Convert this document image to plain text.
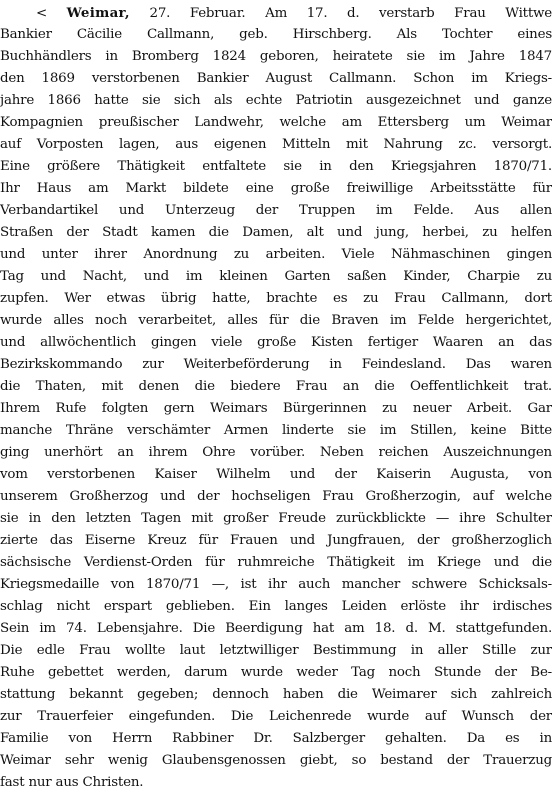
< Weimar, 27. Februar. Am 17. d. verstarb Frau Wittwe

Bankier Cäcilie Callmann, geb. Hirschberg. Als Tochter eines

Buchhändlers in Bromberg 1824 geboren, heiratete sie im Jahre 1847

den 1869 verstorbenen Bankier August Callmann. Schon im Kriegs-

jahre 1866 hatte sie sich als echte Patriotin ausgezeichnet und ganze

Kompagnien preußischer Landwehr, welche am Ettersberg um Weimar

auf Vorposten lagen, aus eigenen Mitteln mit Nahrung zc. versorgt.

Eine größere Thätigkeit entfaltete sie in den Kriegsjahren 1870/71.

Ihr Haus am Markt bildete eine große freiwillige Arbeitsstätte für

Verbandartikel und Unterzeug der Truppen im Felde. Aus allen

Straßen der Stadt kamen die Damen, alt und jung, herbei, zu helfen

und unter ihrer Anordnung zu arbeiten. Viele Nähmaschinen gingen

Tag und Nacht, und im kleinen Garten saßen Kinder, Charpie zu

zupfen. Wer etwas übrig hatte, brachte es zu Frau Callmann, dort

wurde alles noch verarbeitet, alles für die Braven im Felde hergerichtet,

und allwöchentlich gingen viele große Kisten fertiger Waaren an das

Bezirkskommando zur Weiterbeförderung in Feindesland. Das waren

die Thaten, mit denen die biedere Frau an die Oeffentlichkeit trat.

Ihrem Rufe folgten gern Weimars Bürgerinnen zu neuer Arbeit. Gar

manche Thräne verschämter Armen linderte sie im Stillen, keine Bitte

ging unerhört an ihrem Ohre vorüber. Neben reichen Auszeichnungen

vom verstorbenen Kaiser Wilhelm und der Kaiserin Augusta, von

unserem Großherzog und der hochseligen Frau Großherzogin, auf welche

sie in den letzten Tagen mit großer Freude zurückblickte — ihre Schulter

zierte das Eiserne Kreuz für Frauen und Jungfrauen, der großherzoglich

sächsische Verdienst-Orden für ruhmreiche Thätigkeit im Kriege und die

Kriegsmedaille von 1870/71 —, ist ihr auch mancher schwere Schicksals-

schlag nicht erspart geblieben. Ein langes Leiden erlöste ihr irdisches

Sein im 74. Lebensjahre. Die Beerdigung hat am 18. d. M. stattgefunden.

Die edle Frau wollte laut letztwilliger Bestimmung in aller Stille zur

Ruhe gebettet werden, darum wurde weder Tag noch Stunde der Be-

stattung bekannt gegeben; dennoch haben die Weimarer sich zahlreich

zur Trauerfeier eingefunden. Die Leichenrede wurde auf Wunsch der

Familie von Herrn Rabbiner Dr. Salzberger gehalten. Da es in

Weimar sehr wenig Glaubensgenossen giebt, so bestand der Trauerzug

fast nur aus Christen.
